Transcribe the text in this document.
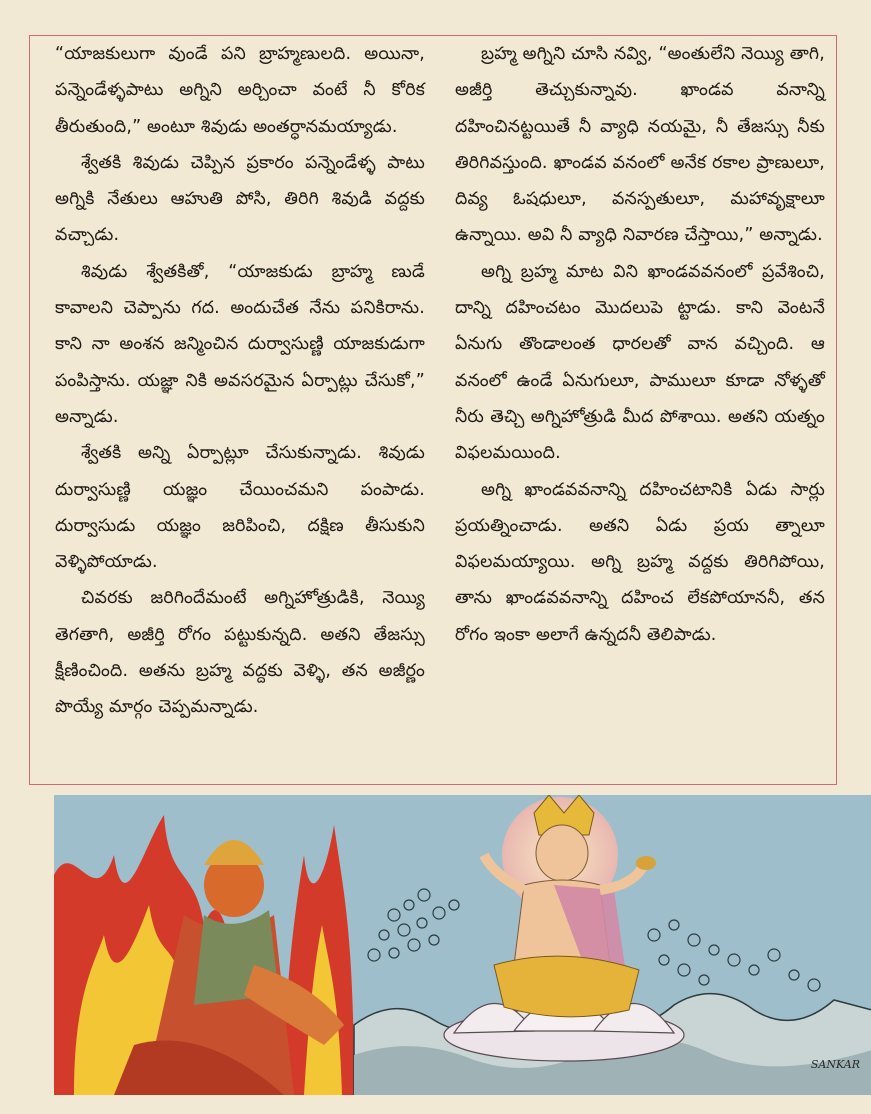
“యాజకులుగా వుండే పని బ్రాహ్మణులది. అయినా, పన్నెండేళ్ళపాటు అగ్నిని అర్చించా వంటే నీ కోరిక తీరుతుంది,” అంటూ శివుడు అంతర్ధానమయ్యాడు.

శ్వేతకి శివుడు చెప్పిన ప్రకారం పన్నెండేళ్ళ పాటు అగ్నికి నేతులు ఆహుతి పోసి, తిరిగి శివుడి వద్దకు వచ్చాడు.

శివుడు శ్వేతకితో, “యాజకుడు బ్రాహ్మ ణుడే కావాలని చెప్పాను గద. అందుచేత నేను పనికిరాను. కాని నా అంశన జన్మించిన దుర్వాసుణ్ణి యాజకుడుగా పంపిస్తాను. యజ్ఞా నికి అవసరమైన ఏర్పాట్లు చేసుకో,” అన్నాడు.

శ్వేతకి అన్ని ఏర్పాట్లూ చేసుకున్నాడు. శివుడు దుర్వాసుణ్ణి యజ్ఞం చేయించమని పంపాడు. దుర్వాసుడు యజ్ఞం జరిపించి, దక్షిణ తీసుకుని వెళ్ళిపోయాడు.

చివరకు జరిగిందేమంటే అగ్నిహోత్రుడికి, నెయ్యి తెగతాగి, అజీర్తి రోగం పట్టుకున్నది. అతని తేజస్సు క్షీణించింది. అతను బ్రహ్మ వద్దకు వెళ్ళి, తన అజీర్ణం పొయ్యే మార్గం చెప్పమన్నాడు.

బ్రహ్మ అగ్నిని చూసి నవ్వి, “అంతులేని నెయ్యి తాగి, అజీర్తి తెచ్చుకున్నావు. ఖాండవ వనాన్ని దహించినట్టయితే నీ వ్యాధి నయమై, నీ తేజస్సు నీకు తిరిగివస్తుంది. ఖాండవ వనంలో అనేక రకాల ప్రాణులూ, దివ్య ఓషధులూ, వనస్పతులూ, మహావృక్షాలూ ఉన్నాయి. అవి నీ వ్యాధి నివారణ చేస్తాయి,” అన్నాడు.

అగ్ని బ్రహ్మ మాట విని ఖాండవవనంలో ప్రవేశించి, దాన్ని దహించటం మొదలుపె ట్టాడు. కాని వెంటనే ఏనుగు తొండాలంత ధారలతో వాన వచ్చింది. ఆ వనంలో ఉండే ఏనుగులూ, పాములూ కూడా నోళ్ళతో నీరు తెచ్చి అగ్నిహోత్రుడి మీద పోశాయి. అతని యత్నం విఫలమయింది.

అగ్ని ఖాండవవనాన్ని దహించటానికి ఏడు సార్లు ప్రయత్నించాడు. అతని ఏడు ప్రయ త్నాలూ విఫలమయ్యాయి. అగ్ని బ్రహ్మ వద్దకు తిరిగిపోయి, తాను ఖాండవవనాన్ని దహించ లేకపోయాననీ, తన రోగం ఇంకా అలాగే ఉన్నదనీ తెలిపాడు.

SANKAR
